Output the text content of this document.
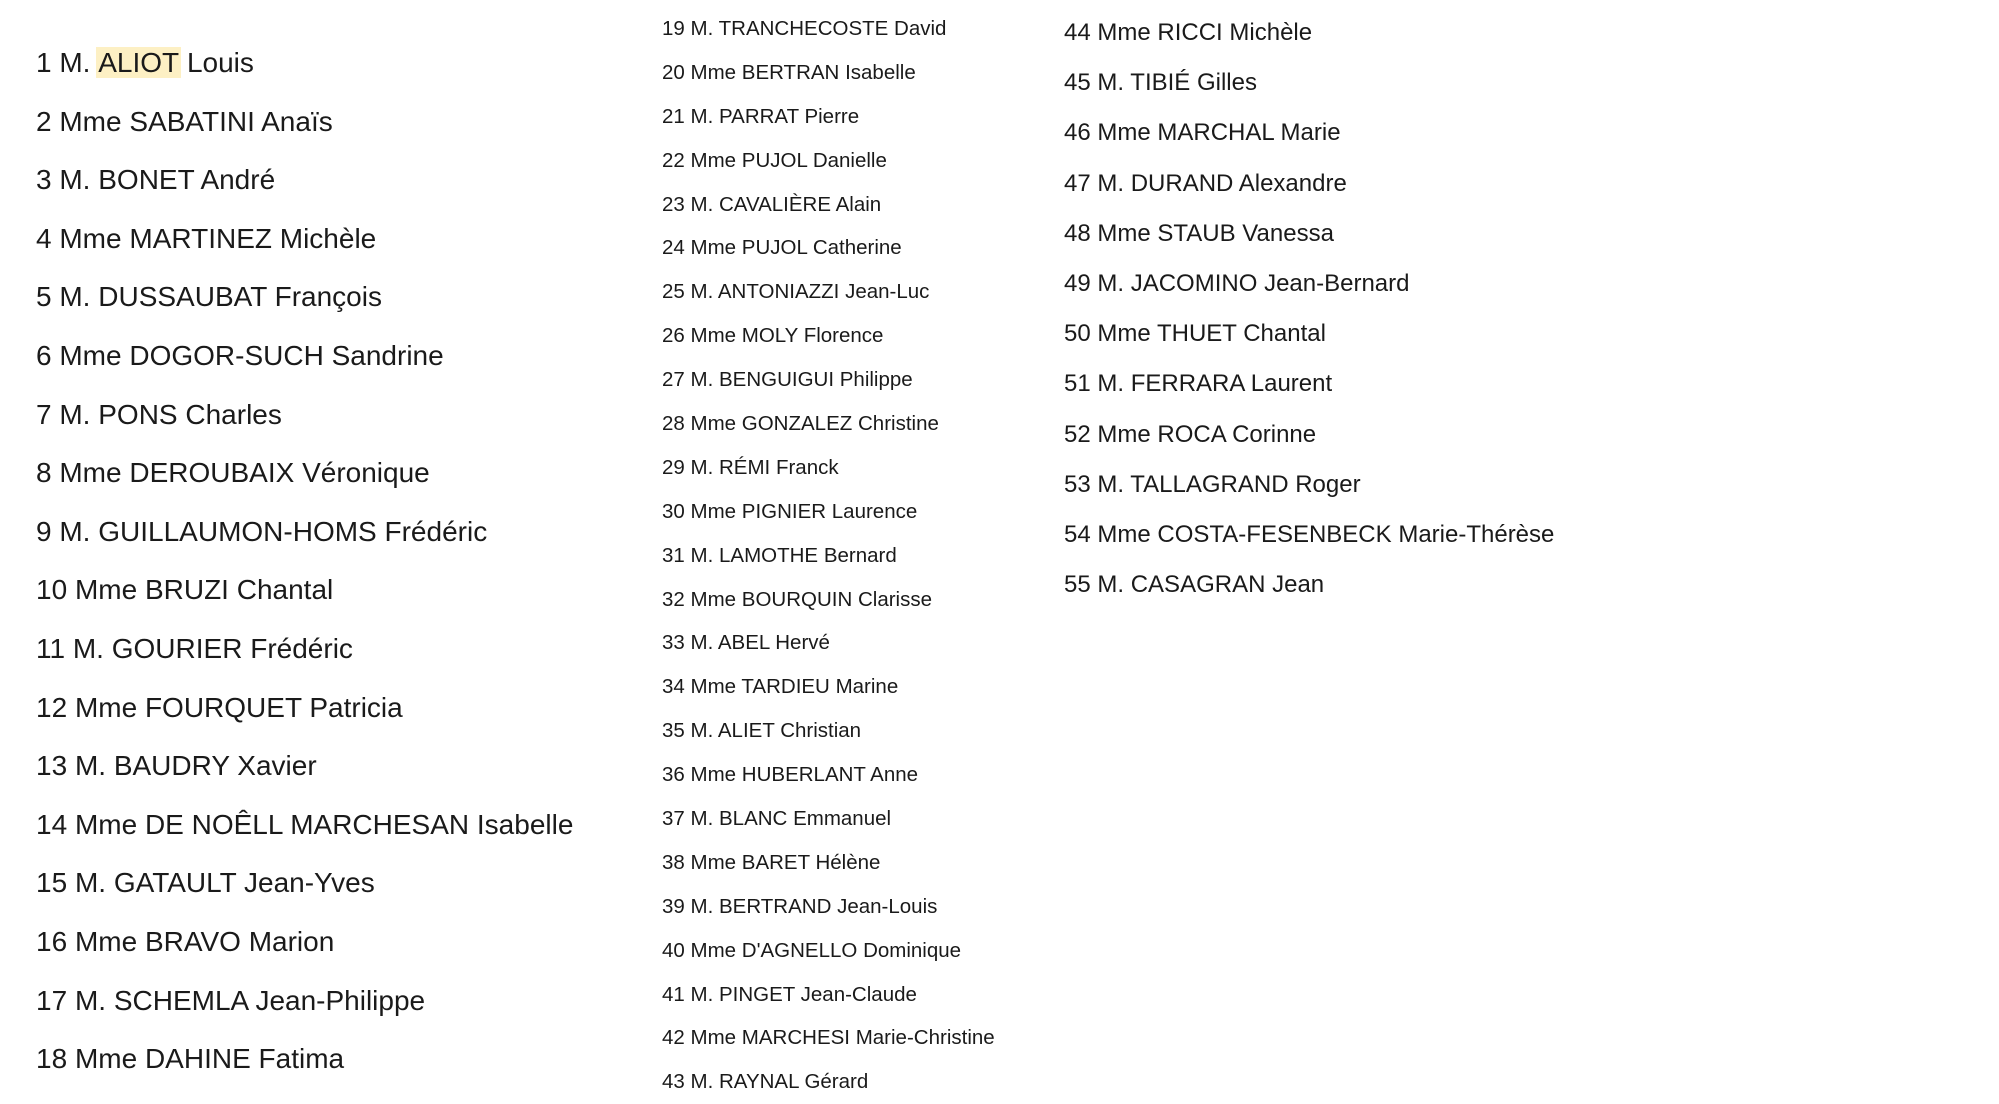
1 M. ALIOT Louis
2 Mme SABATINI Anaïs
3 M. BONET André
4 Mme MARTINEZ Michèle
5 M. DUSSAUBAT François
6 Mme DOGOR-SUCH Sandrine
7 M. PONS Charles
8 Mme DEROUBAIX Véronique
9 M. GUILLAUMON-HOMS Frédéric
10 Mme BRUZI Chantal
11 M. GOURIER Frédéric
12 Mme FOURQUET Patricia
13 M. BAUDRY Xavier
14 Mme DE NOÊLL MARCHESAN Isabelle
15 M. GATAULT Jean-Yves
16 Mme BRAVO Marion
17 M. SCHEMLA Jean-Philippe
18 Mme DAHINE Fatima
19 M. TRANCHECOSTE David
20 Mme BERTRAN Isabelle
21 M. PARRAT Pierre
22 Mme PUJOL Danielle
23 M. CAVALIÈRE Alain
24 Mme PUJOL Catherine
25 M. ANTONIAZZI Jean-Luc
26 Mme MOLY Florence
27 M. BENGUIGUI Philippe
28 Mme GONZALEZ Christine
29 M. RÉMI Franck
30 Mme PIGNIER Laurence
31 M. LAMOTHE Bernard
32 Mme BOURQUIN Clarisse
33 M. ABEL Hervé
34 Mme TARDIEU Marine
35 M. ALIET Christian
36 Mme HUBERLANT Anne
37 M. BLANC Emmanuel
38 Mme BARET Hélène
39 M. BERTRAND Jean-Louis
40 Mme D'AGNELLO Dominique
41 M. PINGET Jean-Claude
42 Mme MARCHESI Marie-Christine
43 M. RAYNAL Gérard
44 Mme RICCI Michèle
45 M. TIBIÉ Gilles
46 Mme MARCHAL Marie
47 M. DURAND Alexandre
48 Mme STAUB Vanessa
49 M. JACOMINO Jean-Bernard
50 Mme THUET Chantal
51 M. FERRARA Laurent
52 Mme ROCA Corinne
53 M. TALLAGRAND Roger
54 Mme COSTA-FESENBECK Marie-Thérèse
55 M. CASAGRAN Jean
